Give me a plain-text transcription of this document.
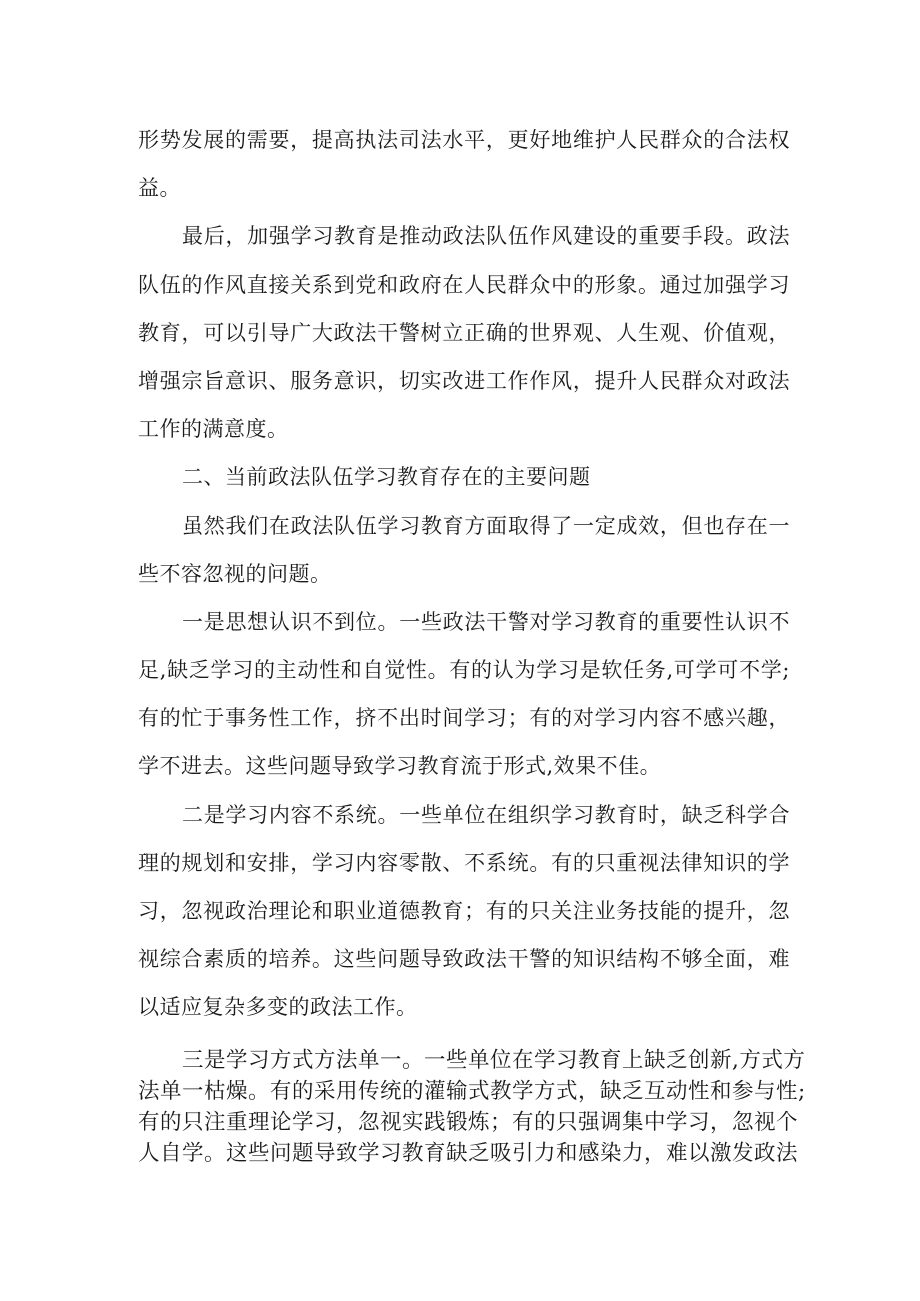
形势发展的需要，提高执法司法水平，更好地维护人民群众的合法权
益。
最后，加强学习教育是推动政法队伍作风建设的重要手段。政法
队伍的作风直接关系到党和政府在人民群众中的形象。通过加强学习
教育，可以引导广大政法干警树立正确的世界观、人生观、价值观，
增强宗旨意识、服务意识，切实改进工作作风，提升人民群众对政法
工作的满意度。
二、当前政法队伍学习教育存在的主要问题
虽然我们在政法队伍学习教育方面取得了一定成效，但也存在一
些不容忽视的问题。
一是思想认识不到位。一些政法干警对学习教育的重要性认识不
足,缺乏学习的主动性和自觉性。有的认为学习是软任务,可学可不学;
有的忙于事务性工作，挤不出时间学习；有的对学习内容不感兴趣，
学不进去。这些问题导致学习教育流于形式,效果不佳。
二是学习内容不系统。一些单位在组织学习教育时，缺乏科学合
理的规划和安排，学习内容零散、不系统。有的只重视法律知识的学
习，忽视政治理论和职业道德教育；有的只关注业务技能的提升，忽
视综合素质的培养。这些问题导致政法干警的知识结构不够全面，难
以适应复杂多变的政法工作。
三是学习方式方法单一。一些单位在学习教育上缺乏创新,方式方
法单一枯燥。有的采用传统的灌输式教学方式，缺乏互动性和参与性;
有的只注重理论学习，忽视实践锻炼；有的只强调集中学习，忽视个
人自学。这些问题导致学习教育缺乏吸引力和感染力，难以激发政法
